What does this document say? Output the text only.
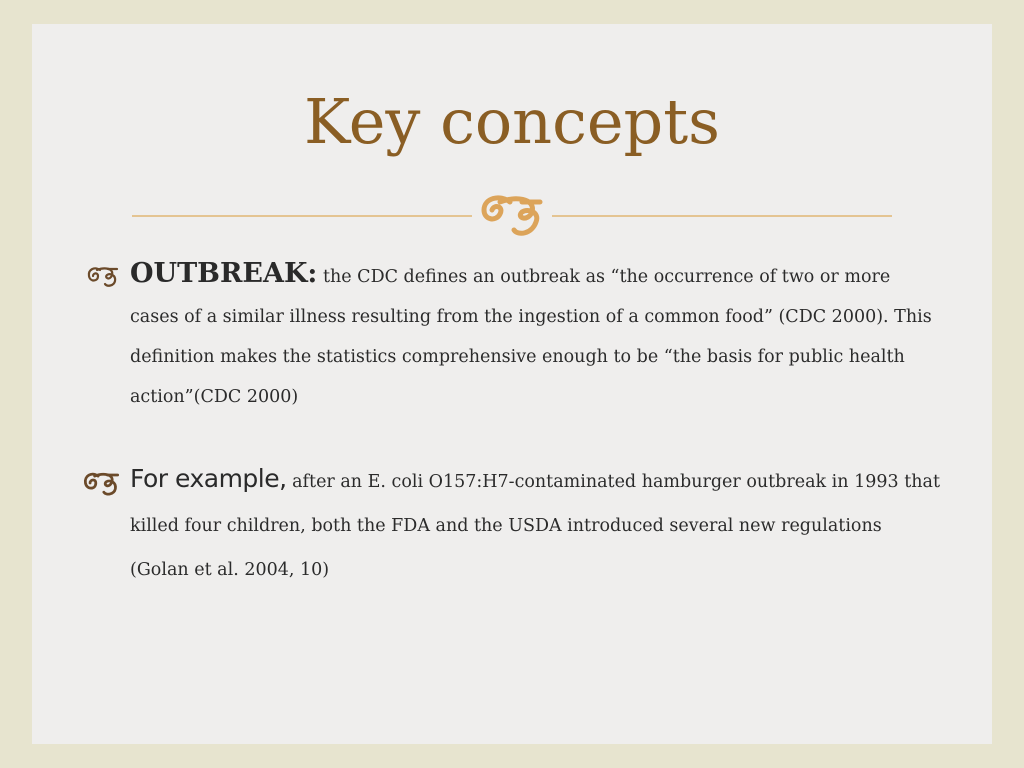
Key concepts
OUTBREAK: the CDC defines an outbreak as “the occurrence of two or more cases of a similar illness resulting from the ingestion of a common food” (CDC 2000). This definition makes the statistics comprehensive enough to be “the basis for public health action”(CDC 2000)
For example, after an E. coli O157:H7-contaminated hamburger outbreak in 1993 that killed four children, both the FDA and the USDA introduced several new regulations (Golan et al. 2004, 10)
